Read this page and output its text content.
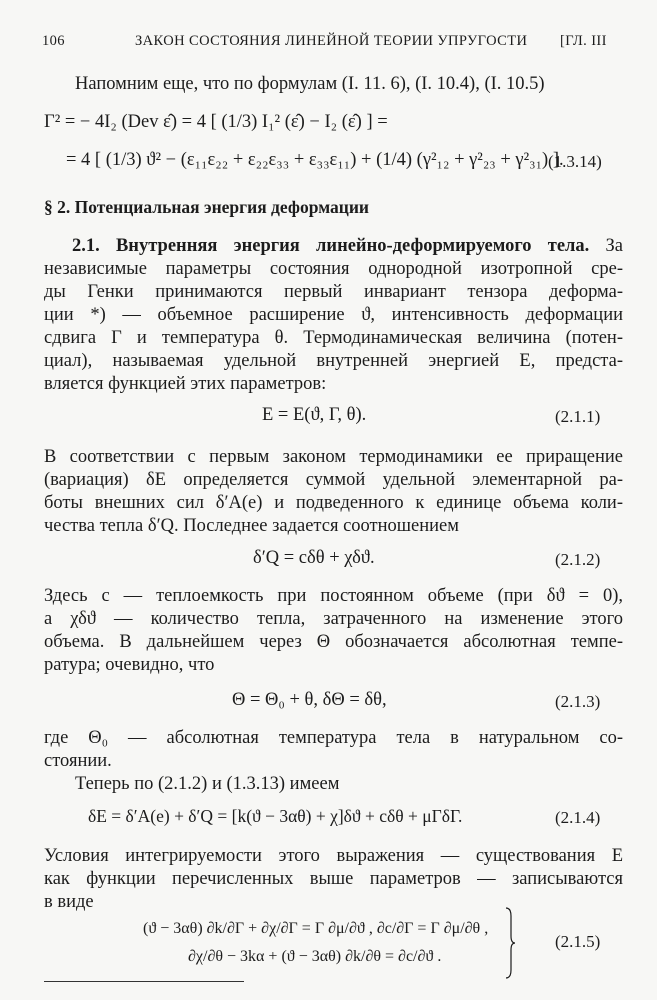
106	ЗАКОН СОСТОЯНИЯ ЛИНЕЙНОЙ ТЕОРИИ УПРУГОСТИ [ГЛ. III
Напомним еще, что по формулам (I. 11. 6), (I. 10.4), (I. 10.5)
Γ² = − 4I₂ (Dev ε̂) = 4 [ (1/3) I₁² (ε̂) − I₂ (ε̂) ] =
= 4 [ (1/3) ϑ² − (ε₁₁ε₂₂ + ε₂₂ε₃₃ + ε₃₃ε₁₁) + (1/4) (γ²₁₂ + γ²₂₃ + γ²₃₁) ].
(1.3.14)
§ 2. Потенциальная энергия деформации
2.1. Внутренняя энергия линейно-деформируемого тела. За
независимые параметры состояния однородной изотропной сре-
ды Генки принимаются первый инвариант тензора деформа-
ции *) — объемное расширение ϑ, интенсивность деформации
сдвига Γ и температура θ. Термодинамическая величина (потен-
циал), называемая удельной внутренней энергией E, предста-
вляется функцией этих параметров:
E = E(ϑ, Γ, θ).	(2.1.1)
В соответствии с первым законом термодинамики ее приращение
(вариация) δE определяется суммой удельной элементарной ра-
боты внешних сил δ′A(e) и подведенного к единице объема коли-
чества тепла δ′Q. Последнее задается соотношением
δ′Q = cδθ + χδϑ.	(2.1.2)
Здесь c — теплоемкость при постоянном объеме (при δϑ = 0),
а χδϑ — количество тепла, затраченного на изменение этого
объема. В дальнейшем через Θ обозначается абсолютная темпе-
ратура; очевидно, что
Θ = Θ₀ + θ, δΘ = δθ,	(2.1.3)
где Θ₀ — абсолютная температура тела в натуральном со-
стоянии.
Теперь по (2.1.2) и (1.3.13) имеем
δE = δ′A(e) + δ′Q = [k(ϑ − 3αθ) + χ]δϑ + cδθ + μΓδΓ.	(2.1.4)
Условия интегрируемости этого выражения — существования E
как функции перечисленных выше параметров — записываются
в виде
(ϑ − 3αθ) ∂k/∂Γ + ∂χ/∂Γ = Γ ∂μ/∂ϑ , ∂c/∂Γ = Γ ∂μ/∂θ ,
∂χ/∂θ − 3kα + (ϑ − 3αθ) ∂k/∂θ = ∂c/∂ϑ .
(2.1.5)
